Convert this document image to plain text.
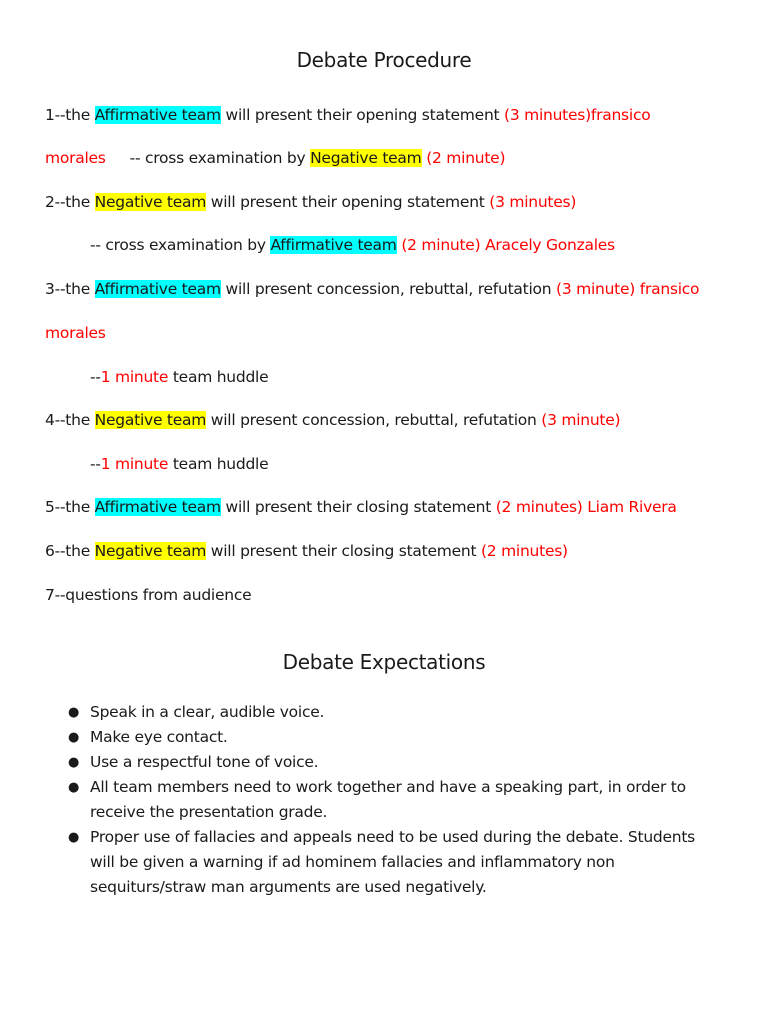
Debate Procedure
1--the Affirmative team will present their opening statement (3 minutes)fransico
morales -- cross examination by Negative team (2 minute)
2--the Negative team will present their opening statement (3 minutes)
-- cross examination by Affirmative team (2 minute) Aracely Gonzales
3--the Affirmative team will present concession, rebuttal, refutation (3 minute) fransico
morales
--1 minute team huddle
4--the Negative team will present concession, rebuttal, refutation (3 minute)
--1 minute team huddle
5--the Affirmative team will present their closing statement (2 minutes) Liam Rivera
6--the Negative team will present their closing statement (2 minutes)
7--questions from audience
Debate Expectations
● Speak in a clear, audible voice.
● Make eye contact.
● Use a respectful tone of voice.
● All team members need to work together and have a speaking part, in order to receive the presentation grade.
● Proper use of fallacies and appeals need to be used during the debate. Students will be given a warning if ad hominem fallacies and inflammatory non sequiturs/straw man arguments are used negatively.
